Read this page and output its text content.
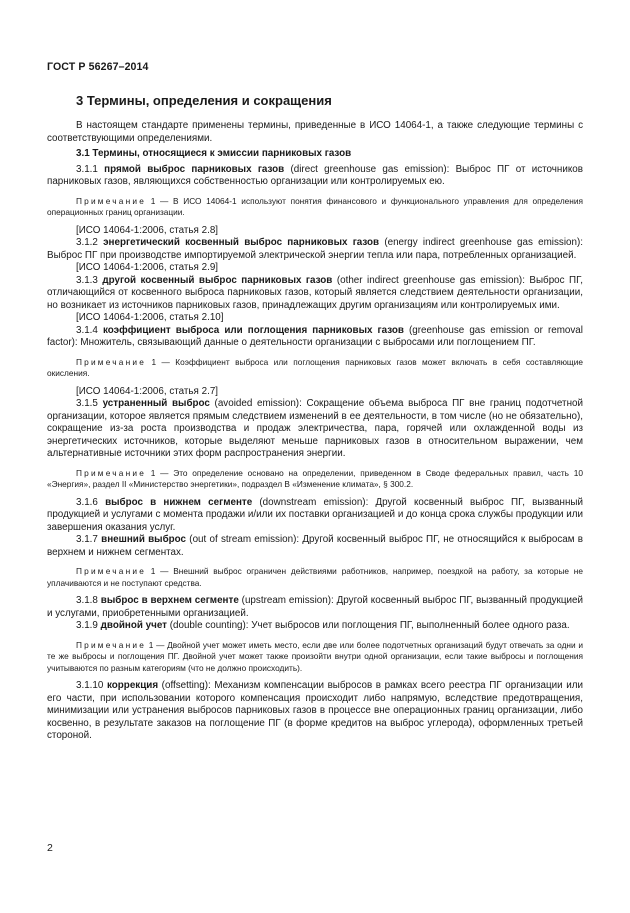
ГОСТ Р 56267–2014
3 Термины, определения и сокращения

В настоящем стандарте применены термины, приведенные в ИСО 14064-1, а также следующие термины с соответствующими определениями.

3.1 Термины, относящиеся к эмиссии парниковых газов

3.1.1 прямой выброс парниковых газов (direct greenhouse gas emission): Выброс ПГ от источников парниковых газов, являющихся собственностью организации или контролируемых ею.

Примечание 1 — В ИСО 14064-1 используют понятия финансового и функционального управления для определения операционных границ организации.

[ИСО 14064-1:2006, статья 2.8]

3.1.2 энергетический косвенный выброс парниковых газов (energy indirect greenhouse gas emission): Выброс ПГ при производстве импортируемой электрической энергии тепла или пара, потребленных организацией.

[ИСО 14064-1:2006, статья 2.9]

3.1.3 другой косвенный выброс парниковых газов (other indirect greenhouse gas emission): Выброс ПГ, отличающийся от косвенного выброса парниковых газов, который является следствием деятельности организации, но возникает из источников парниковых газов, принадлежащих другим организациям или контролируемых ими.

[ИСО 14064-1:2006, статья 2.10]

3.1.4 коэффициент выброса или поглощения парниковых газов (greenhouse gas emission or removal factor): Множитель, связывающий данные о деятельности организации с выбросами или поглощением ПГ.

Примечание 1 — Коэффициент выброса или поглощения парниковых газов может включать в себя составляющие окисления.

[ИСО 14064-1:2006, статья 2.7]

3.1.5 устраненный выброс (avoided emission): Сокращение объема выброса ПГ вне границ подотчетной организации, которое является прямым следствием изменений в ее деятельности, в том числе (но не обязательно), сокращение из-за роста производства и продаж электричества, пара, горячей или охлажденной воды из энергетических источников, которые выделяют меньше парниковых газов в относительном выражении, чем альтернативные источники этих форм распространения энергии.

Примечание 1 — Это определение основано на определении, приведенном в Своде федеральных правил, часть 10 «Энергия», раздел II «Министерство энергетики», подраздел В «Изменение климата», § 300.2.

3.1.6 выброс в нижнем сегменте (downstream emission): Другой косвенный выброс ПГ, вызванный продукцией и услугами с момента продажи и/или их поставки организацией и до конца срока службы продукции или завершения оказания услуг.

3.1.7 внешний выброс (out of stream emission): Другой косвенный выброс ПГ, не относящийся к выбросам в верхнем и нижнем сегментах.

Примечание 1 — Внешний выброс ограничен действиями работников, например, поездкой на работу, за которые не уплачиваются и не поступают средства.

3.1.8 выброс в верхнем сегменте (upstream emission): Другой косвенный выброс ПГ, вызванный продукцией и услугами, приобретенными организацией.

3.1.9 двойной учет (double counting): Учет выбросов или поглощения ПГ, выполненный более одного раза.

Примечание 1 — Двойной учет может иметь место, если две или более подотчетных организаций будут отвечать за одни и те же выбросы и поглощения ПГ. Двойной учет может также произойти внутри одной организации, если такие выбросы и поглощения учитываются по разным категориям (что не должно происходить).

3.1.10 коррекция (offsetting): Механизм компенсации выбросов в рамках всего реестра ПГ организации или его части, при использовании которого компенсация происходит либо напрямую, вследствие предотвращения, минимизации или устранения выбросов парниковых газов в процессе вне операционных границ организации, либо косвенно, в результате заказов на поглощение ПГ (в форме кредитов на выброс углерода), оформленных третьей стороной.

2
